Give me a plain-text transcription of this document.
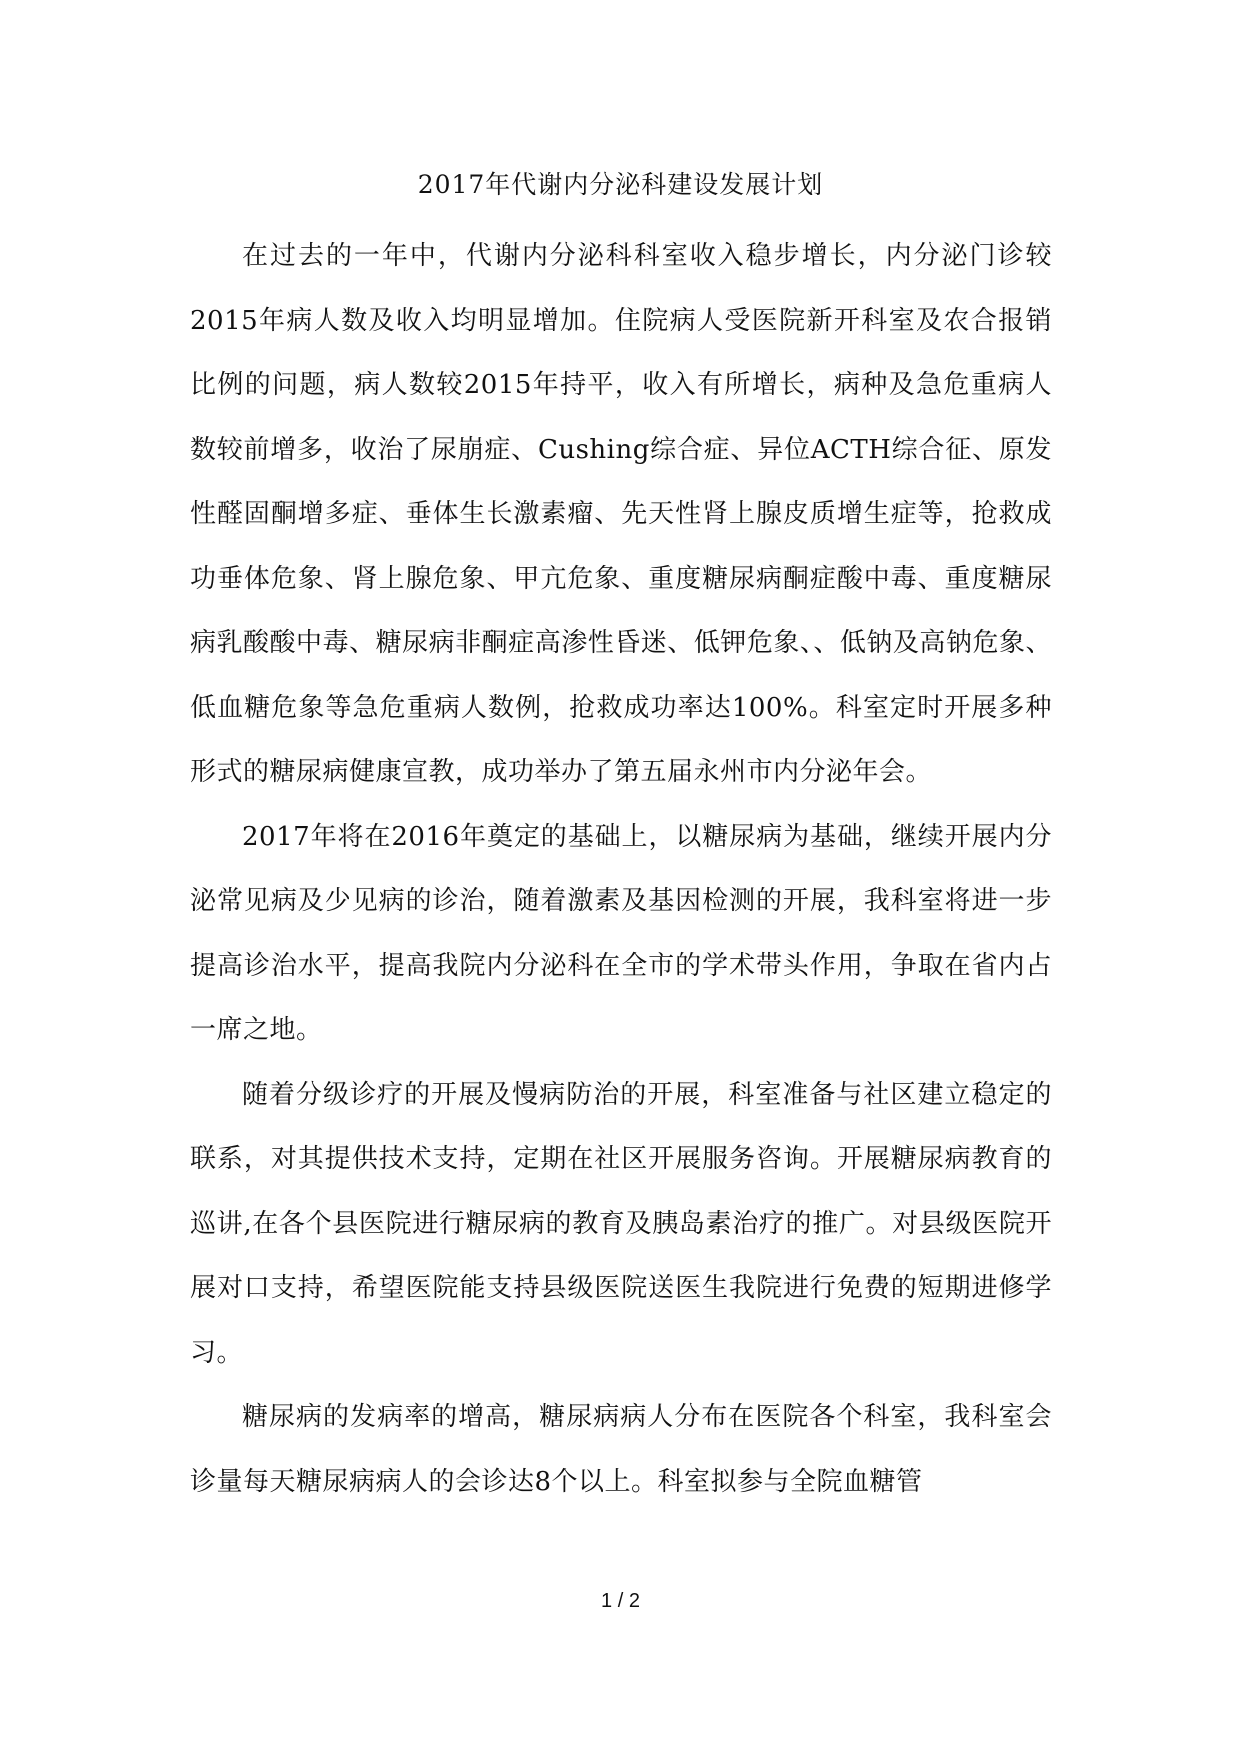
2017年代谢内分泌科建设发展计划

在过去的一年中，代谢内分泌科科室收入稳步增长，内分泌门诊较2015年病人数及收入均明显增加。住院病人受医院新开科室及农合报销比例的问题，病人数较2015年持平，收入有所增长，病种及急危重病人数较前增多，收治了尿崩症、Cushing综合症、异位ACTH综合征、原发性醛固酮增多症、垂体生长激素瘤、先天性肾上腺皮质增生症等，抢救成功垂体危象、肾上腺危象、甲亢危象、重度糖尿病酮症酸中毒、重度糖尿病乳酸酸中毒、糖尿病非酮症高渗性昏迷、低钾危象、、低钠及高钠危象、低血糖危象等急危重病人数例，抢救成功率达100%。科室定时开展多种形式的糖尿病健康宣教，成功举办了第五届永州市内分泌年会。

2017年将在2016年奠定的基础上，以糖尿病为基础，继续开展内分泌常见病及少见病的诊治，随着激素及基因检测的开展，我科室将进一步提高诊治水平，提高我院内分泌科在全市的学术带头作用，争取在省内占一席之地。

随着分级诊疗的开展及慢病防治的开展，科室准备与社区建立稳定的联系，对其提供技术支持，定期在社区开展服务咨询。开展糖尿病教育的巡讲,在各个县医院进行糖尿病的教育及胰岛素治疗的推广。对县级医院开展对口支持，希望医院能支持县级医院送医生我院进行免费的短期进修学习。

糖尿病的发病率的增高，糖尿病病人分布在医院各个科室，我科室会诊量每天糖尿病病人的会诊达8个以上。科室拟参与全院血糖管

1 / 2
